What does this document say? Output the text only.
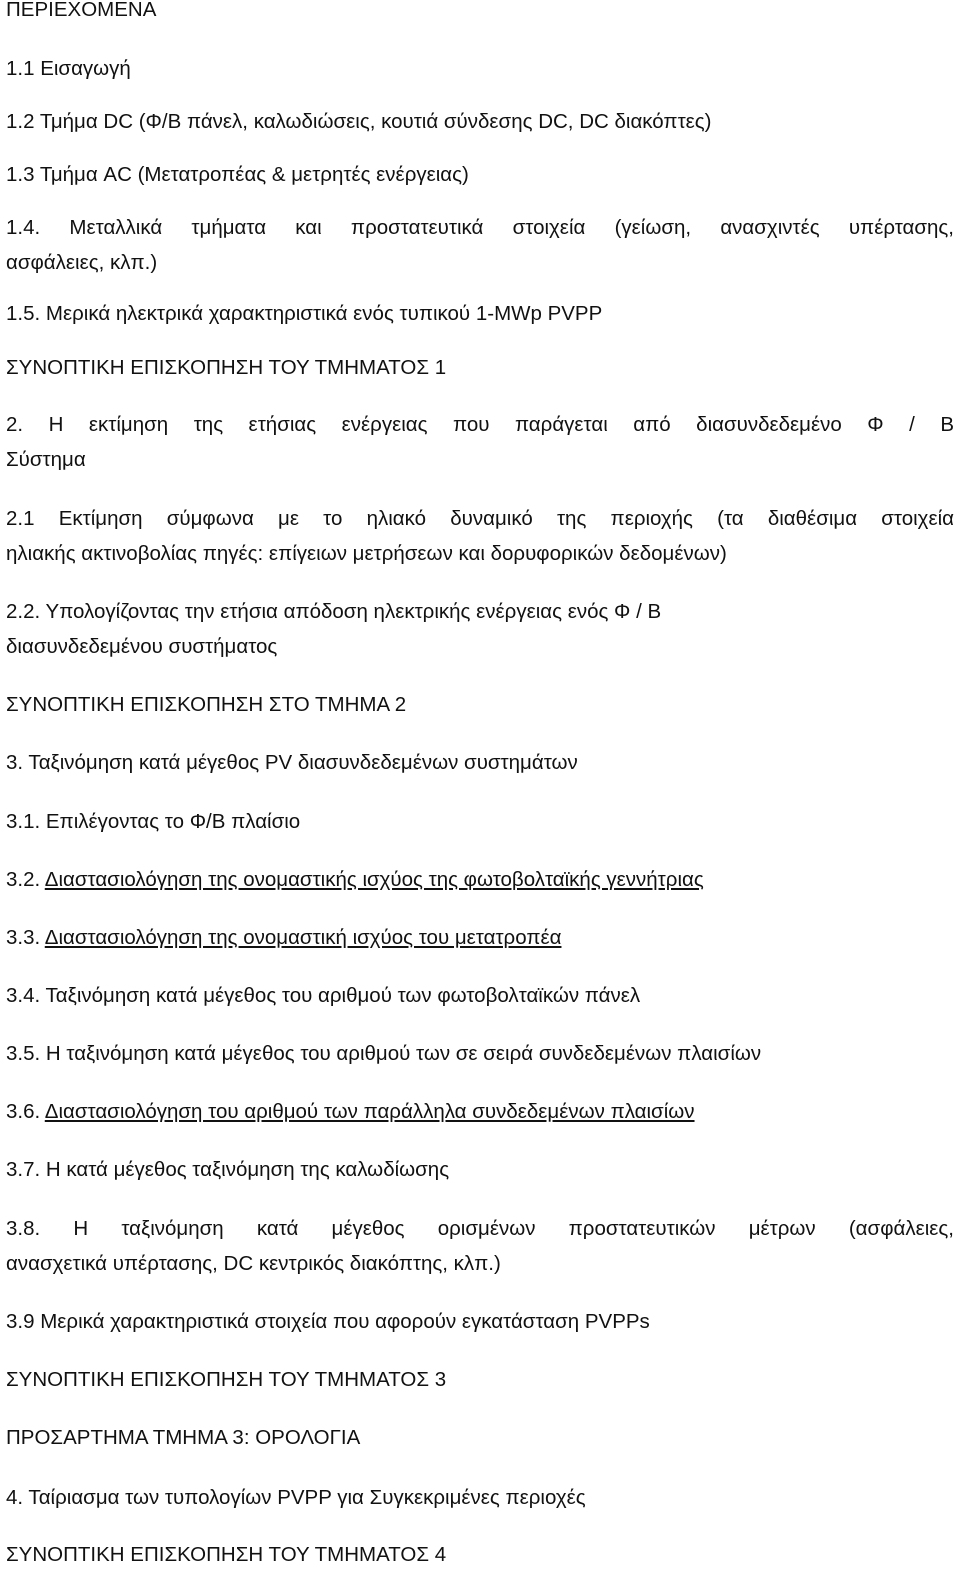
ΠΕΡΙΕΧΟΜΕΝΑ
1.1 Εισαγωγή
1.2 Τμήμα DC (Φ/Β πάνελ, καλωδιώσεις, κουτιά σύνδεσης DC, DC διακόπτες)
1.3 Τμήμα AC (Μετατροπέας & μετρητές ενέργειας)
1.4. Μεταλλικά τμήματα και προστατευτικά στοιχεία (γείωση, ανασχιντές υπέρτασης,
ασφάλειες, κλπ.)
1.5. Μερικά ηλεκτρικά χαρακτηριστικά ενός τυπικού 1-MWp PVPP
ΣΥΝΟΠΤΙΚΗ ΕΠΙΣΚΟΠΗΣΗ ΤΟΥ ΤΜΗΜΑΤΟΣ 1
2. Η εκτίμηση της ετήσιας ενέργειας που παράγεται από διασυνδεδεμένο Φ / Β
Σύστημα
2.1 Εκτίμηση σύμφωνα με το ηλιακό δυναμικό της περιοχής (τα διαθέσιμα στοιχεία
ηλιακής ακτινοβολίας πηγές: επίγειων μετρήσεων και δορυφορικών δεδομένων)
2.2. Υπολογίζοντας την ετήσια απόδοση ηλεκτρικής ενέργειας ενός Φ / Β
διασυνδεδεμένου συστήματος
ΣΥΝΟΠΤΙΚΗ ΕΠΙΣΚΟΠΗΣΗ ΣΤΟ ΤΜΗΜΑ 2
3. Ταξινόμηση κατά μέγεθος PV διασυνδεδεμένων συστημάτων
3.1. Επιλέγοντας το Φ/Β πλαίσιο
3.2. Διαστασιολόγηση της ονομαστικής ισχύος της φωτοβολταϊκής γεννήτριας
3.3. Διαστασιολόγηση της ονομαστική ισχύος του μετατροπέα
3.4. Ταξινόμηση κατά μέγεθος του αριθμού των φωτοβολταϊκών πάνελ
3.5. Η ταξινόμηση κατά μέγεθος του αριθμού των σε σειρά συνδεδεμένων πλαισίων
3.6. Διαστασιολόγηση του αριθμού των παράλληλα συνδεδεμένων πλαισίων
3.7. Η κατά μέγεθος ταξινόμηση της καλωδίωσης
3.8. Η ταξινόμηση κατά μέγεθος ορισμένων προστατευτικών μέτρων (ασφάλειες,
ανασχετικά υπέρτασης, DC κεντρικός διακόπτης, κλπ.)
3.9 Μερικά χαρακτηριστικά στοιχεία που αφορούν εγκατάσταση PVPPs
ΣΥΝΟΠΤΙΚΗ ΕΠΙΣΚΟΠΗΣΗ ΤΟΥ ΤΜΗΜΑΤΟΣ 3
ΠΡΟΣΑΡΤΗΜΑ ΤΜΗΜΑ 3: ΟΡΟΛΟΓΙΑ
4. Ταίριασμα των τυπολογίων PVPP για Συγκεκριμένες περιοχές
ΣΥΝΟΠΤΙΚΗ ΕΠΙΣΚΟΠΗΣΗ ΤΟΥ ΤΜΗΜΑΤΟΣ 4
